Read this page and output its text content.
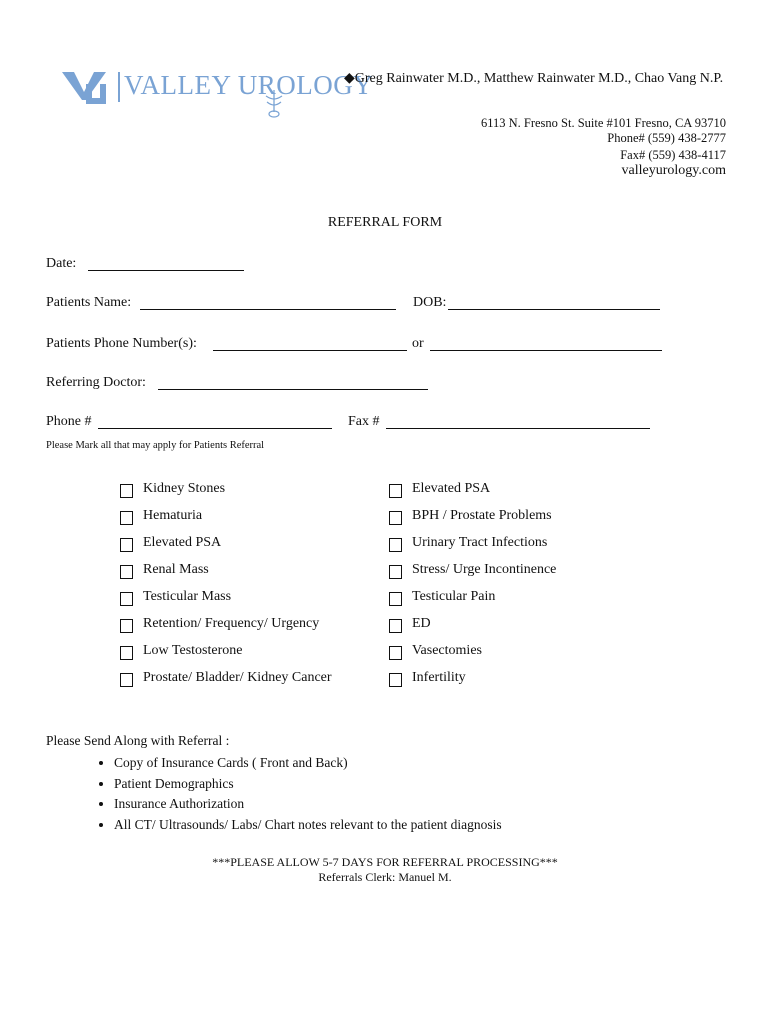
VALLEY UROLOGY
◆Greg Rainwater M.D., Matthew Rainwater M.D., Chao Vang N.P.
6113 N. Fresno St. Suite #101 Fresno, CA 93710
Phone# (559) 438-2777
Fax# (559) 438-4117
valleyurology.com
REFERRAL FORM
Date:
Patients Name:	DOB:
Patients Phone Number(s):	or
Referring Doctor:
Phone #	Fax #
Please Mark all that may apply for Patients Referral
Kidney Stones
Hematuria
Elevated PSA
Renal Mass
Testicular Mass
Retention/ Frequency/ Urgency
Low Testosterone
Prostate/ Bladder/ Kidney Cancer
Elevated PSA
BPH / Prostate Problems
Urinary Tract Infections
Stress/ Urge Incontinence
Testicular Pain
ED
Vasectomies
Infertility
Please Send Along with Referral :
• Copy of Insurance Cards ( Front and Back)
• Patient Demographics
• Insurance Authorization
• All CT/ Ultrasounds/ Labs/ Chart notes relevant to the patient diagnosis
***PLEASE ALLOW 5-7 DAYS FOR REFERRAL PROCESSING***
Referrals Clerk: Manuel M.
